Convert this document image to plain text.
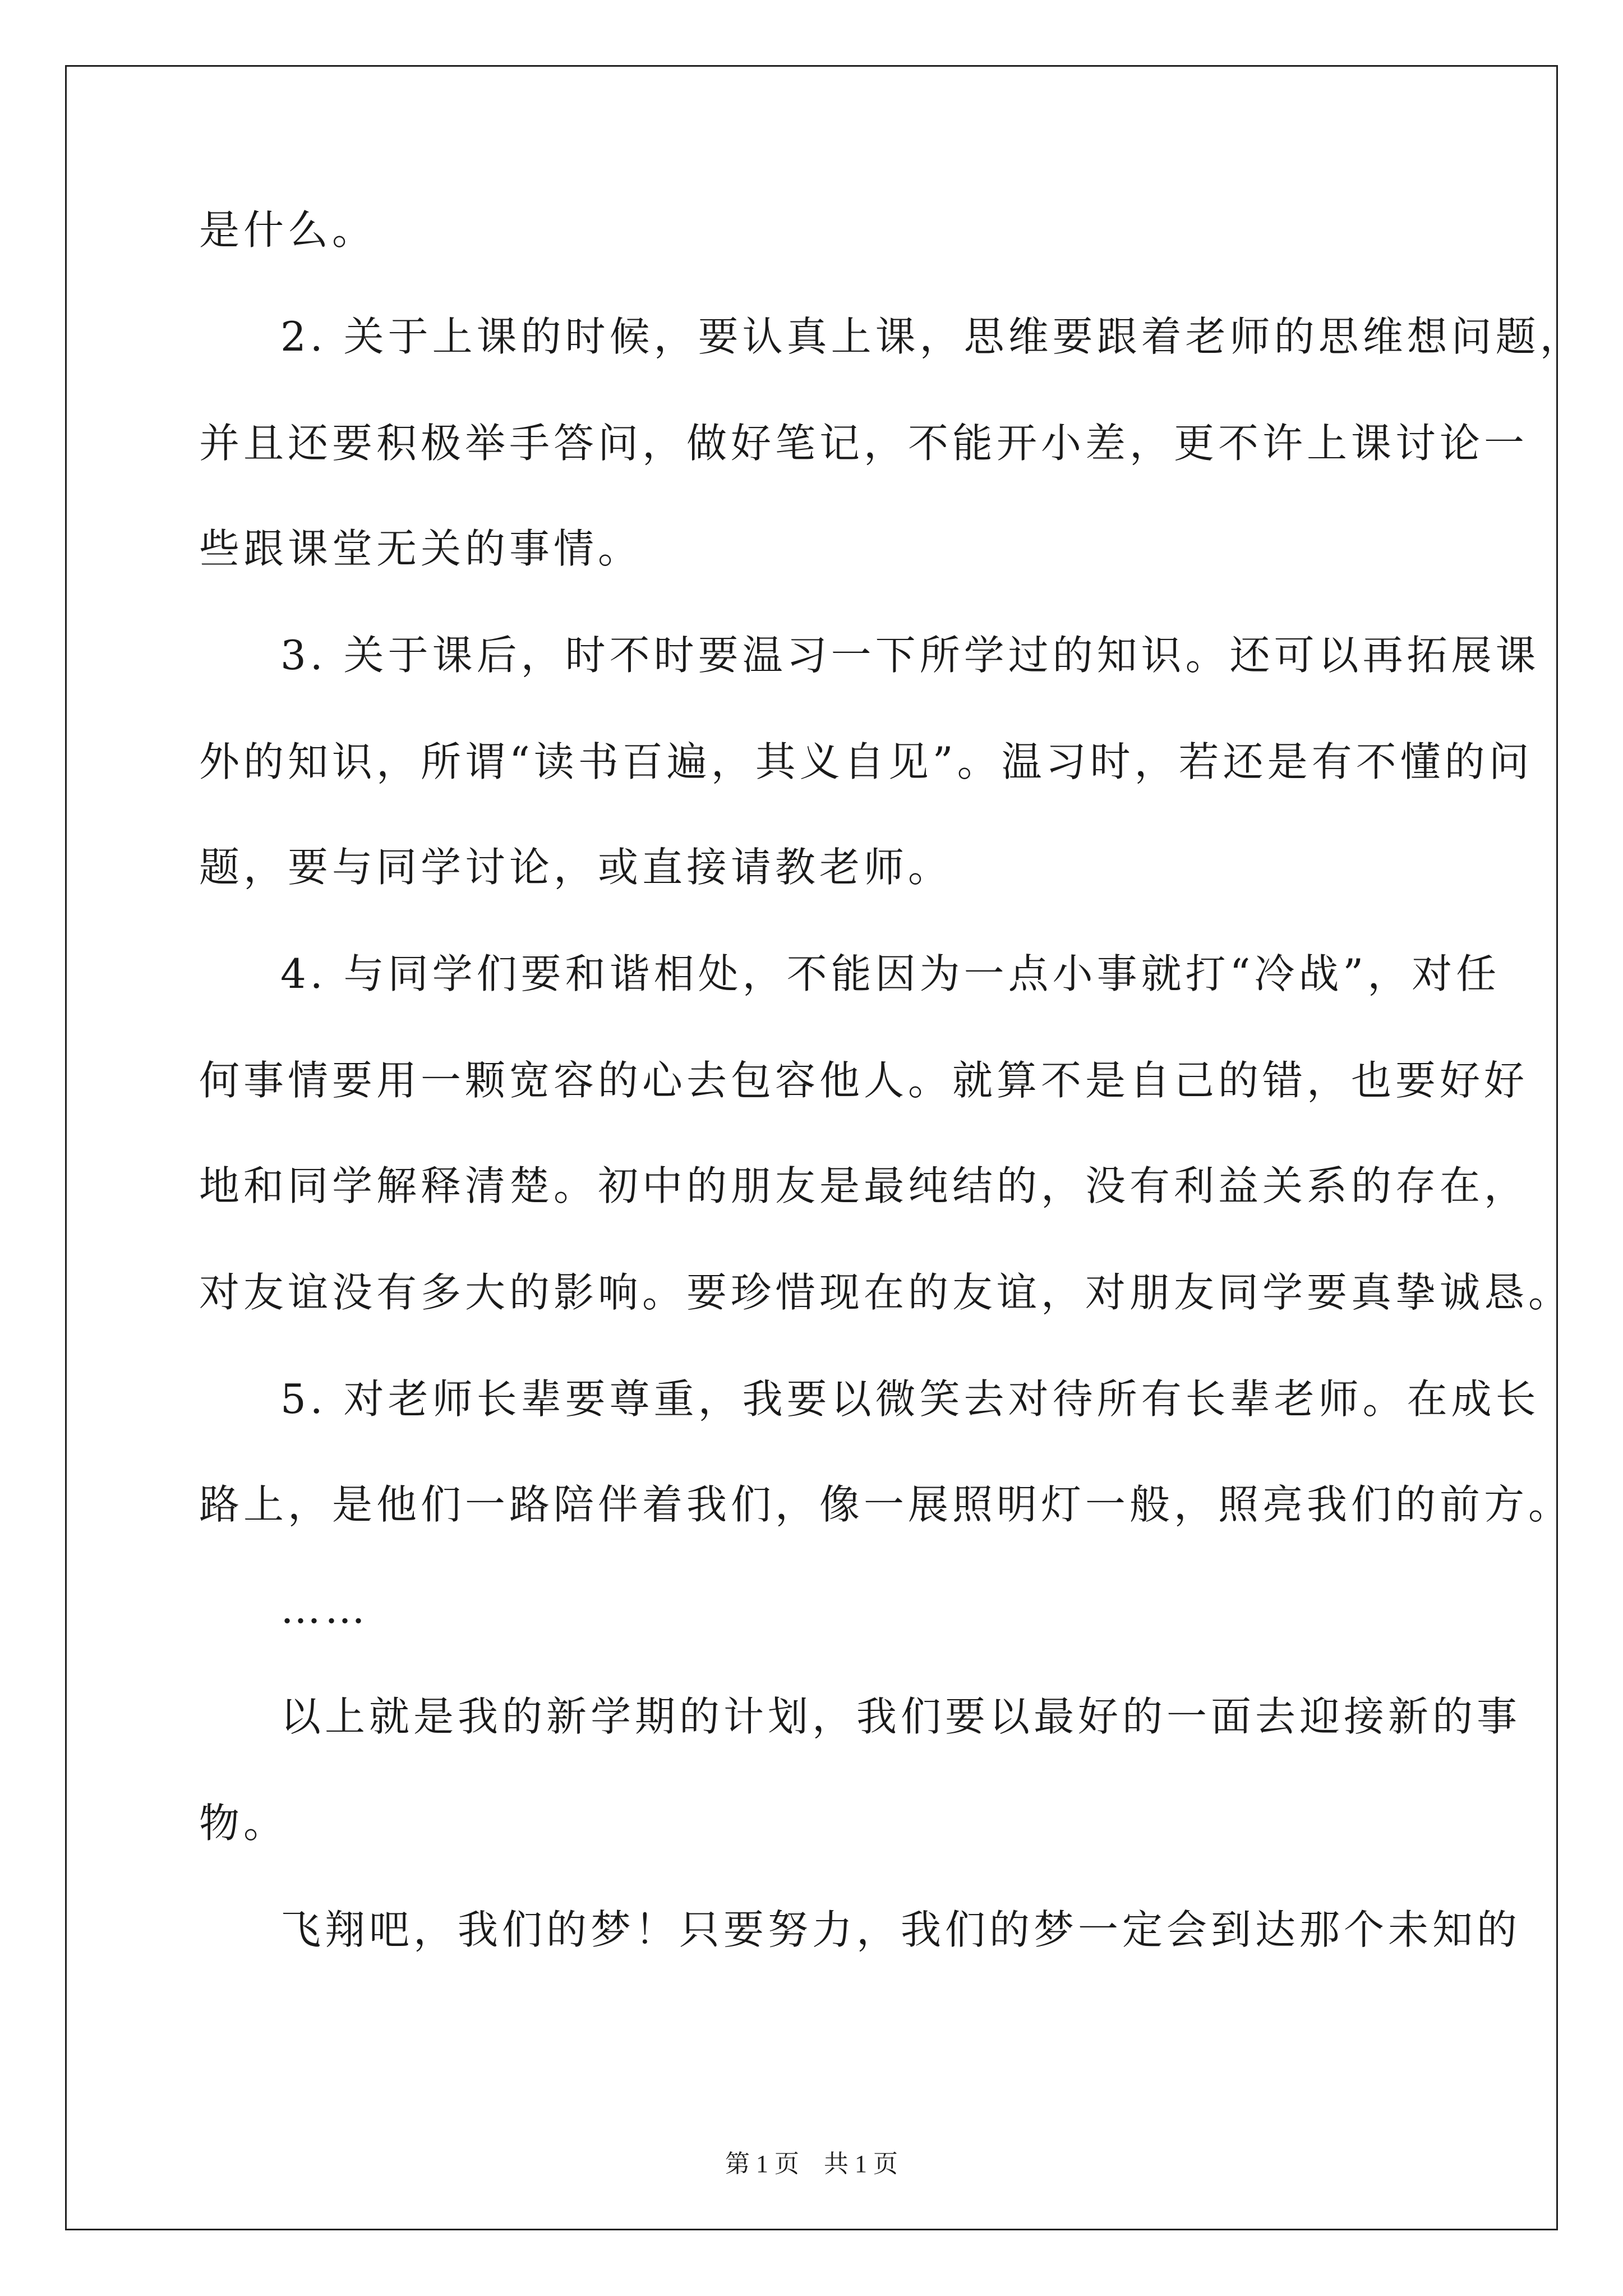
是什么。
2. 关于上课的时候，要认真上课，思维要跟着老师的思维想问题，
并且还要积极举手答问，做好笔记，不能开小差，更不许上课讨论一
些跟课堂无关的事情。
3. 关于课后，时不时要温习一下所学过的知识。还可以再拓展课
外的知识，所谓“读书百遍，其义自见”。温习时，若还是有不懂的问
题，要与同学讨论，或直接请教老师。
4. 与同学们要和谐相处，不能因为一点小事就打“冷战”，对任
何事情要用一颗宽容的心去包容他人。就算不是自己的错，也要好好
地和同学解释清楚。初中的朋友是最纯结的，没有利益关系的存在，
对友谊没有多大的影响。要珍惜现在的友谊，对朋友同学要真挚诚恳。
5. 对老师长辈要尊重，我要以微笑去对待所有长辈老师。在成长
路上，是他们一路陪伴着我们，像一展照明灯一般，照亮我们的前方。
……
以上就是我的新学期的计划，我们要以最好的一面去迎接新的事
物。
飞翔吧，我们的梦！只要努力，我们的梦一定会到达那个未知的
第 1 页　共 1 页
